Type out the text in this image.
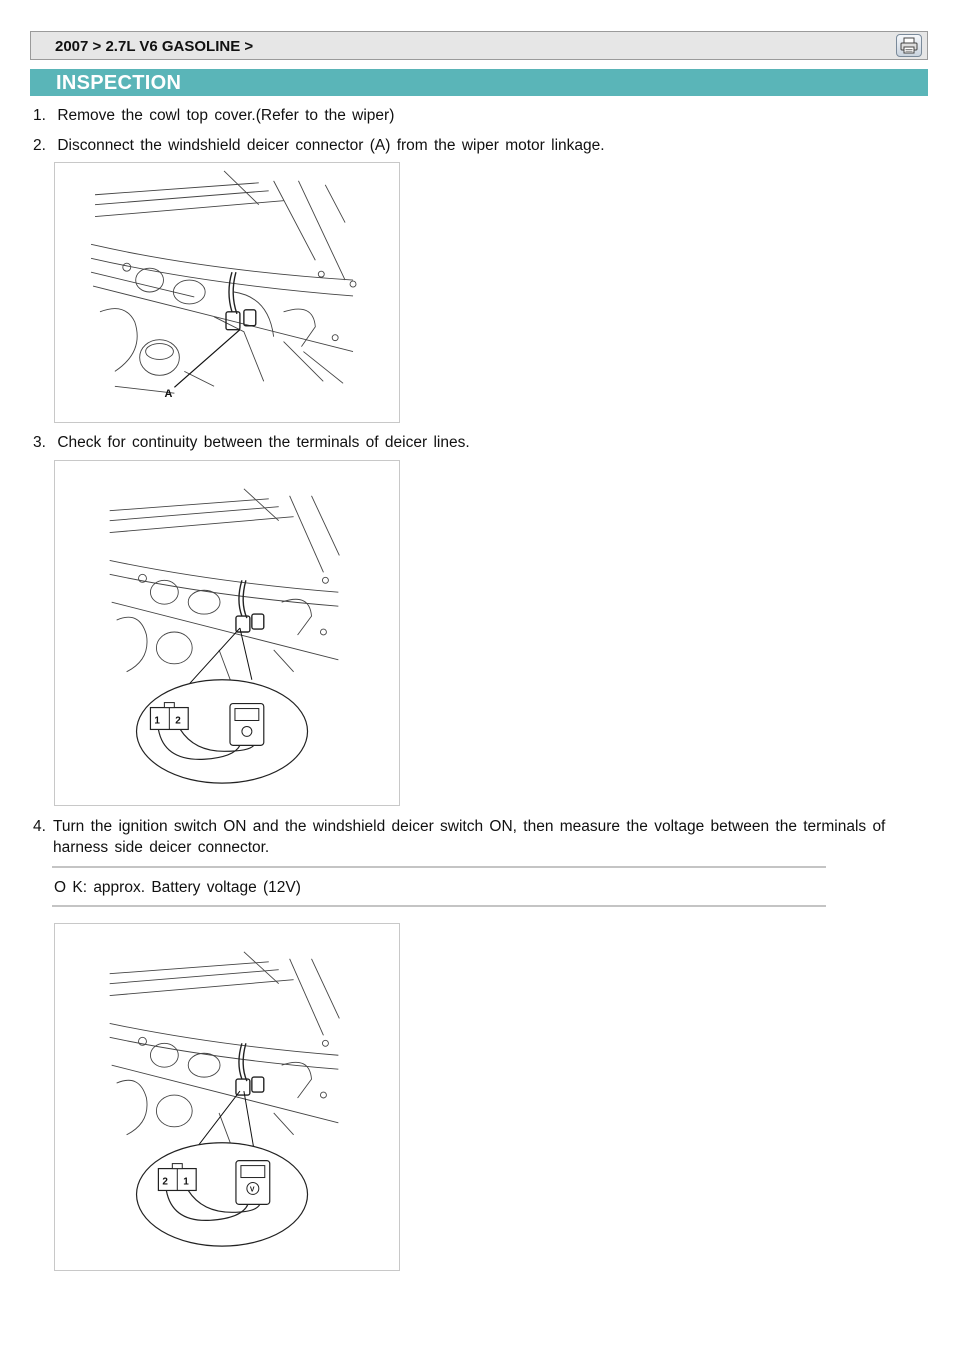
2007 > 2.7L V6 GASOLINE >
INSPECTION
1. Remove the cowl top cover.(Refer to the wiper)
2. Disconnect the windshield deicer connector (A) from the wiper motor linkage.
A
3. Check for continuity between the terminals of deicer lines.
1 2
4. Turn the ignition switch ON and the windshield deicer switch ON, then measure the voltage between the terminals of harness side deicer connector.
O K: approx. Battery voltage (12V)
2 1
V
